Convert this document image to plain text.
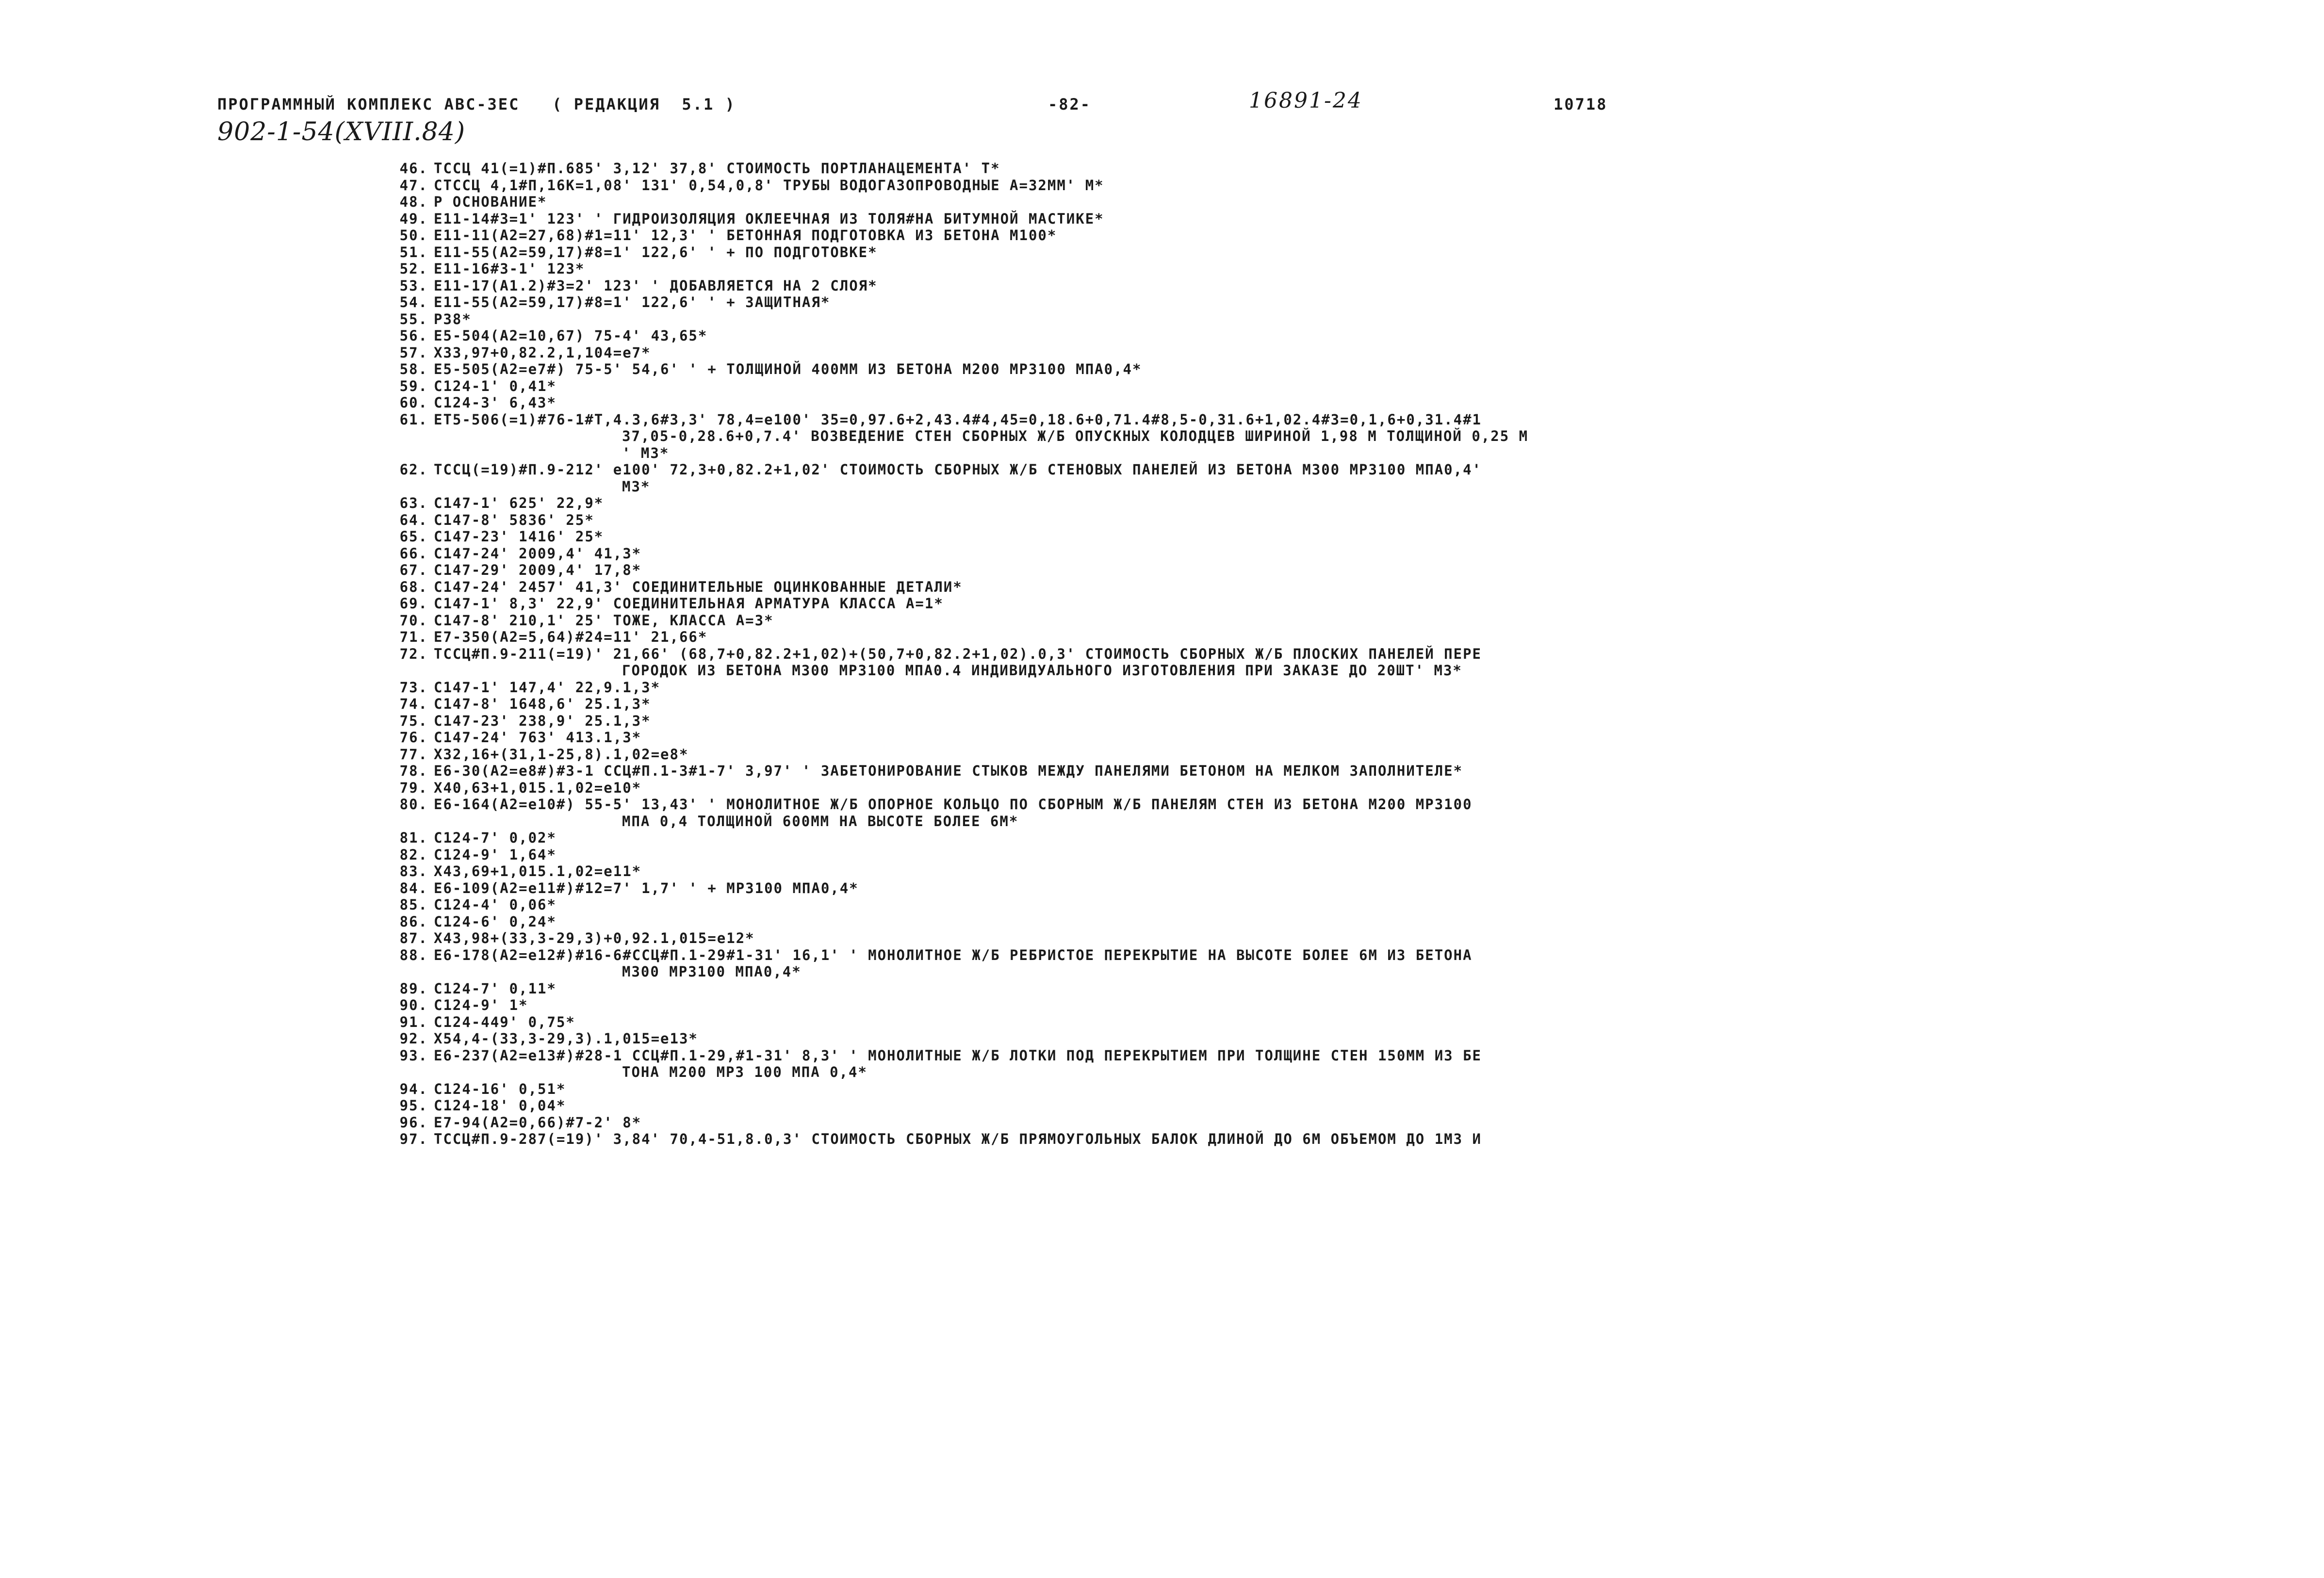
ПРОГРАММНЫЙ КОМПЛЕКС АВС-ЗЕС   ( РЕДАКЦИЯ  5.1 )	-82-	16891-24	10718
902-1-54(XVIII.84)
46. ТССЦ 41(=1)#П.685' 3,12' 37,8' СТОИМОСТЬ ПОРТЛАНАЦЕМЕНТА' Т*
47. СТССЦ 4,1#П,16К=1,08' 131' 0,54,0,8' ТРУБЫ ВОДОГАЗОПРОВОДНЫЕ А=32ММ' М*
48. Р ОСНОВАНИЕ*
49. Е11-14#3=1' 123' ' ГИДРОИЗОЛЯЦИЯ ОКЛЕЕЧНАЯ ИЗ ТОЛЯ#НА БИТУМНОЙ МАСТИКЕ*
50. Е11-11(А2=27,68)#1=11' 12,3' ' БЕТОННАЯ ПОДГОТОВКА ИЗ БЕТОНА М100*
51. Е11-55(А2=59,17)#8=1' 122,6' ' + ПО ПОДГОТОВКЕ*
52. Е11-16#3-1' 123*
53. Е11-17(А1.2)#3=2' 123' ' ДОБАВЛЯЕТСЯ НА 2 СЛОЯ*
54. Е11-55(А2=59,17)#8=1' 122,6' ' + ЗАЩИТНАЯ*
55. Р38*
56. Е5-504(А2=10,67) 75-4' 43,65*
57. Х33,97+0,82.2,1,104=е7*
58. Е5-505(А2=е7#) 75-5' 54,6' ' + ТОЛЩИНОЙ 400ММ ИЗ БЕТОНА М200 МР3100 МПА0,4*
59. С124-1' 0,41*
60. С124-3' 6,43*
61. ЕТ5-506(=1)#76-1#Т,4.3,6#3,3' 78,4=е100' 35=0,97.6+2,43.4#4,45=0,18.6+0,71.4#8,5-0,31.6+1,02.4#3=0,1,6+0,31.4#1
37,05-0,28.6+0,7.4' ВОЗВЕДЕНИЕ СТЕН СБОРНЫХ Ж/Б ОПУСКНЫХ КОЛОДЦЕВ ШИРИНОЙ 1,98 М ТОЛЩИНОЙ 0,25 М
' М3*
62. ТССЦ(=19)#П.9-212' е100' 72,3+0,82.2+1,02' СТОИМОСТЬ СБОРНЫХ Ж/Б СТЕНОВЫХ ПАНЕЛЕЙ ИЗ БЕТОНА М300 МР3100 МПА0,4'
М3*
63. С147-1' 625' 22,9*
64. С147-8' 5836' 25*
65. С147-23' 1416' 25*
66. С147-24' 2009,4' 41,3*
67. С147-29' 2009,4' 17,8*
68. С147-24' 2457' 41,3' СОЕДИНИТЕЛЬНЫЕ ОЦИНКОВАННЫЕ ДЕТАЛИ*
69. С147-1' 8,3' 22,9' СОЕДИНИТЕЛЬНАЯ АРМАТУРА КЛАССА А=1*
70. С147-8' 210,1' 25' ТОЖЕ, КЛАССА А=3*
71. Е7-350(А2=5,64)#24=11' 21,66*
72. ТССЦ#П.9-211(=19)' 21,66' (68,7+0,82.2+1,02)+(50,7+0,82.2+1,02).0,3' СТОИМОСТЬ СБОРНЫХ Ж/Б ПЛОСКИХ ПАНЕЛЕЙ ПЕРЕ
ГОРОДОК ИЗ БЕТОНА М300 МР3100 МПА0.4 ИНДИВИДУАЛЬНОГО ИЗГОТОВЛЕНИЯ ПРИ ЗАКАЗЕ ДО 20ШТ' М3*
73. С147-1' 147,4' 22,9.1,3*
74. С147-8' 1648,6' 25.1,3*
75. С147-23' 238,9' 25.1,3*
76. С147-24' 763' 413.1,3*
77. Х32,16+(31,1-25,8).1,02=е8*
78. Е6-30(А2=е8#)#3-1 ССЦ#П.1-3#1-7' 3,97' ' ЗАБЕТОНИРОВАНИЕ СТЫКОВ МЕЖДУ ПАНЕЛЯМИ БЕТОНОМ НА МЕЛКОМ ЗАПОЛНИТЕЛЕ*
79. Х40,63+1,015.1,02=е10*
80. Е6-164(А2=е10#) 55-5' 13,43' ' МОНОЛИТНОЕ Ж/Б ОПОРНОЕ КОЛЬЦО ПО СБОРНЫМ Ж/Б ПАНЕЛЯМ СТЕН ИЗ БЕТОНА М200 МР3100
МПА 0,4 ТОЛЩИНОЙ 600ММ НА ВЫСОТЕ БОЛЕЕ 6М*
81. С124-7' 0,02*
82. С124-9' 1,64*
83. Х43,69+1,015.1,02=е11*
84. Е6-109(А2=е11#)#12=7' 1,7' ' + МР3100 МПА0,4*
85. С124-4' 0,06*
86. С124-6' 0,24*
87. Х43,98+(33,3-29,3)+0,92.1,015=е12*
88. Е6-178(А2=е12#)#16-6#ССЦ#П.1-29#1-31' 16,1' ' МОНОЛИТНОЕ Ж/Б РЕБРИСТОЕ ПЕРЕКРЫТИЕ НА ВЫСОТЕ БОЛЕЕ 6М ИЗ БЕТОНА
М300 МР3100 МПА0,4*
89. С124-7' 0,11*
90. С124-9' 1*
91. С124-449' 0,75*
92. Х54,4-(33,3-29,3).1,015=е13*
93. Е6-237(А2=е13#)#28-1 ССЦ#П.1-29,#1-31' 8,3' ' МОНОЛИТНЫЕ Ж/Б ЛОТКИ ПОД ПЕРЕКРЫТИЕМ ПРИ ТОЛЩИНЕ СТЕН 150ММ ИЗ БЕ
ТОНА М200 МР3 100 МПА 0,4*
94. С124-16' 0,51*
95. С124-18' 0,04*
96. Е7-94(А2=0,66)#7-2' 8*
97. ТССЦ#П.9-287(=19)' 3,84' 70,4-51,8.0,3' СТОИМОСТЬ СБОРНЫХ Ж/Б ПРЯМОУГОЛЬНЫХ БАЛОК ДЛИНОЙ ДО 6М ОБЪЕМОМ ДО 1М3 И
